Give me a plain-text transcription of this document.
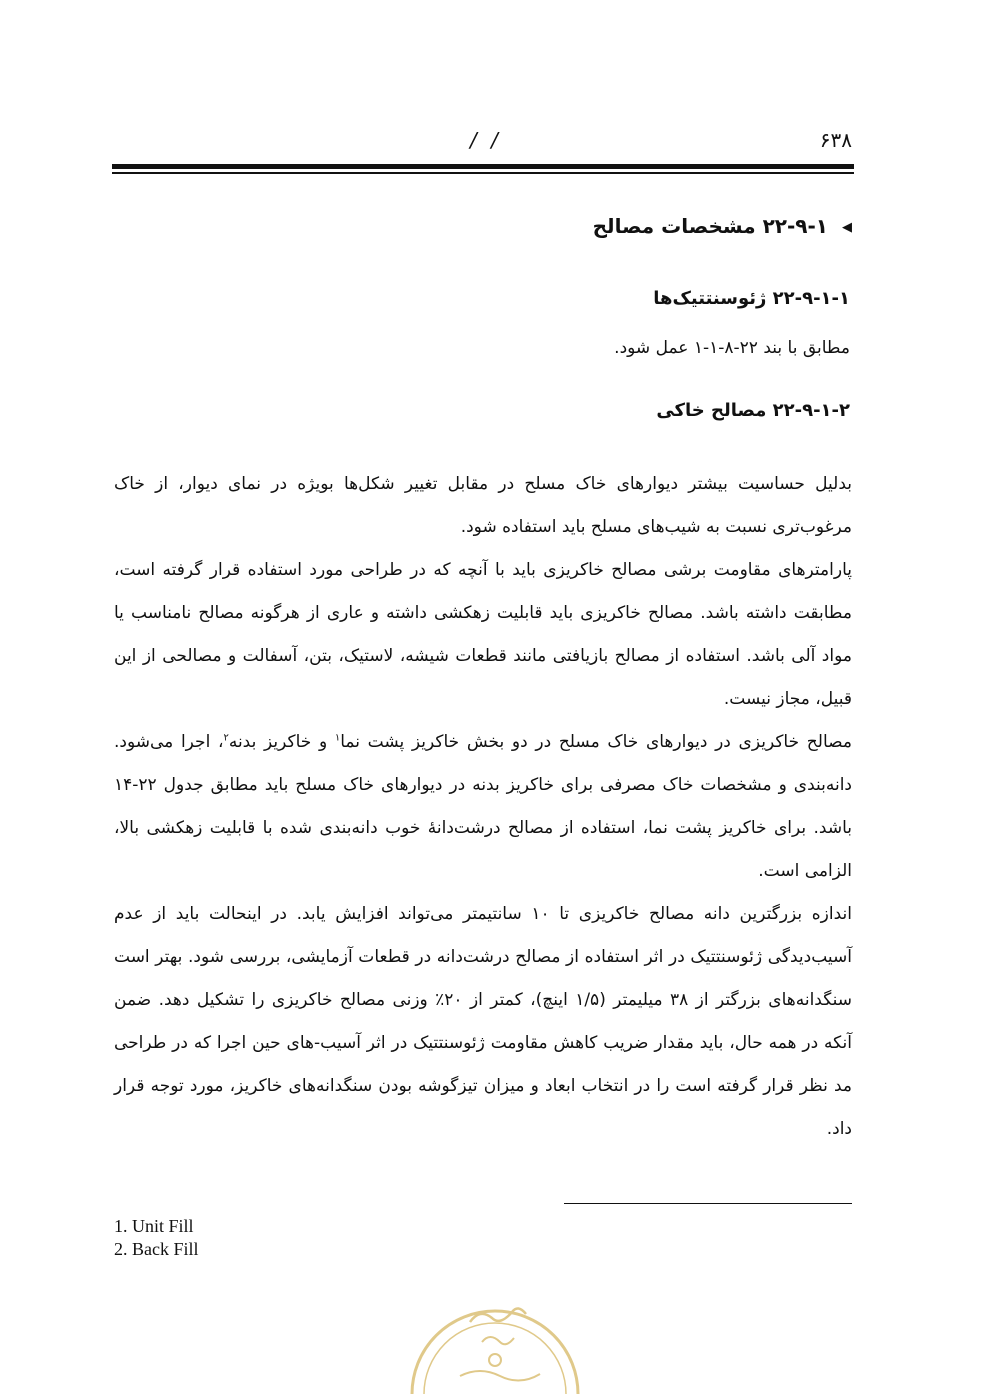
۶۳۸
/ /
◀۲۲-۹-۱ مشخصات مصالح
۲۲-۹-۱-۱ ژئوسنتتیک‌ها
مطابق با بند ۲۲-۸-۱-۱ عمل شود.
۲۲-۹-۱-۲ مصالح خاکی

بدلیل حساسیت بیشتر دیوارهای خاک مسلح در مقابل تغییر شکل‌ها بویژه در نمای دیوار، از خاک مرغوب‌تری نسبت به شیب‌های مسلح باید استفاده شود.

پارامترهای مقاومت برشی مصالح خاکریزی باید با آنچه که در طراحی مورد استفاده قرار گرفته است، مطابقت داشته باشد. مصالح خاکریزی باید قابلیت زهکشی داشته و عاری از هرگونه مصالح نامناسب یا مواد آلی باشد. استفاده از مصالح بازیافتی مانند قطعات شیشه، لاستیک، بتن، آسفالت و مصالحی از این قبیل، مجاز نیست.

مصالح خاکریزی در دیوارهای خاک مسلح در دو بخش خاکریز پشت نما$^۱$ و خاکریز بدنه$^۲$، اجرا می‌شود. دانه‌بندی و مشخصات خاک مصرفی برای خاکریز بدنه در دیوارهای خاک مسلح باید مطابق جدول ۲۲-۱۴ باشد. برای خاکریز پشت نما، استفاده از مصالح درشت‌دانهٔ خوب دانه‌بندی شده با قابلیت زهکشی بالا، الزامی است.

اندازه بزرگترین دانه مصالح خاکریزی تا ۱۰ سانتیمتر می‌تواند افزایش یابد. در اینحالت باید از عدم آسیب‌دیدگی ژئوسنتتیک در اثر استفاده از مصالح درشت‌دانه در قطعات آزمایشی، بررسی شود. بهتر است سنگدانه‌های بزرگتر از ۳۸ میلیمتر (۱/۵ اینچ)، کمتر از ۲۰٪ وزنی مصالح خاکریزی را تشکیل دهد. ضمن آنکه در همه حال، باید مقدار ضریب کاهش مقاومت ژئوسنتتیک در اثر آسیب-های حین اجرا که در طراحی مد نظر قرار گرفته است را در انتخاب ابعاد و میزان تیزگوشه بودن سنگدانه‌های خاکریز، مورد توجه قرار داد.

1. Unit Fill
2. Back Fill
